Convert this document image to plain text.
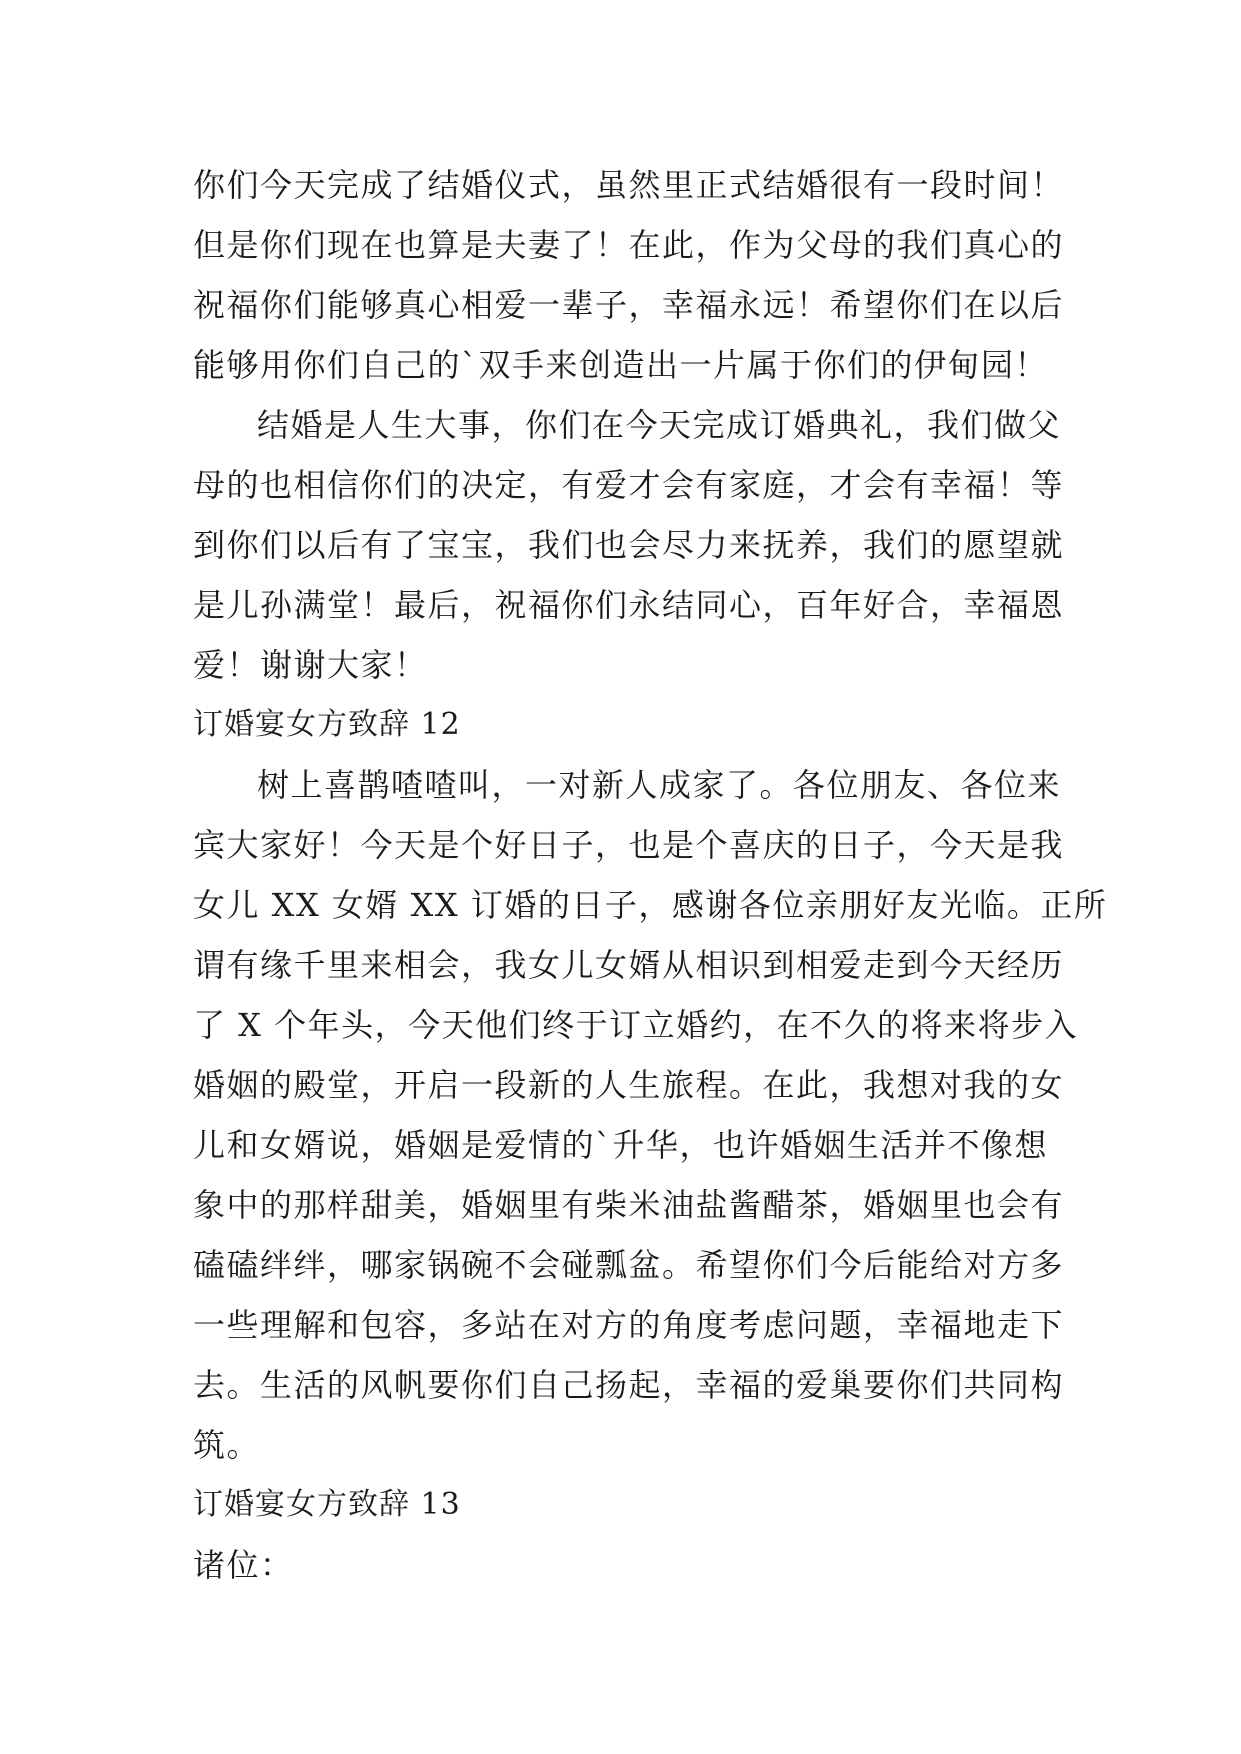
你们今天完成了结婚仪式，虽然里正式结婚很有一段时间！
但是你们现在也算是夫妻了！在此，作为父母的我们真心的
祝福你们能够真心相爱一辈子，幸福永远！希望你们在以后
能够用你们自己的`双手来创造出一片属于你们的伊甸园！
结婚是人生大事，你们在今天完成订婚典礼，我们做父
母的也相信你们的决定，有爱才会有家庭，才会有幸福！等
到你们以后有了宝宝，我们也会尽力来抚养，我们的愿望就
是儿孙满堂！最后，祝福你们永结同心，百年好合，幸福恩
爱！谢谢大家！
订婚宴女方致辞 12
树上喜鹊喳喳叫，一对新人成家了。各位朋友、各位来
宾大家好！今天是个好日子，也是个喜庆的日子，今天是我
女儿 XX 女婿 XX 订婚的日子，感谢各位亲朋好友光临。正所
谓有缘千里来相会，我女儿女婿从相识到相爱走到今天经历
了 X 个年头，今天他们终于订立婚约，在不久的将来将步入
婚姻的殿堂，开启一段新的人生旅程。在此，我想对我的女
儿和女婿说，婚姻是爱情的`升华，也许婚姻生活并不像想
象中的那样甜美，婚姻里有柴米油盐酱醋茶，婚姻里也会有
磕磕绊绊，哪家锅碗不会碰瓢盆。希望你们今后能给对方多
一些理解和包容，多站在对方的角度考虑问题，幸福地走下
去。生活的风帆要你们自己扬起，幸福的爱巢要你们共同构
筑。
订婚宴女方致辞 13
诸位：
